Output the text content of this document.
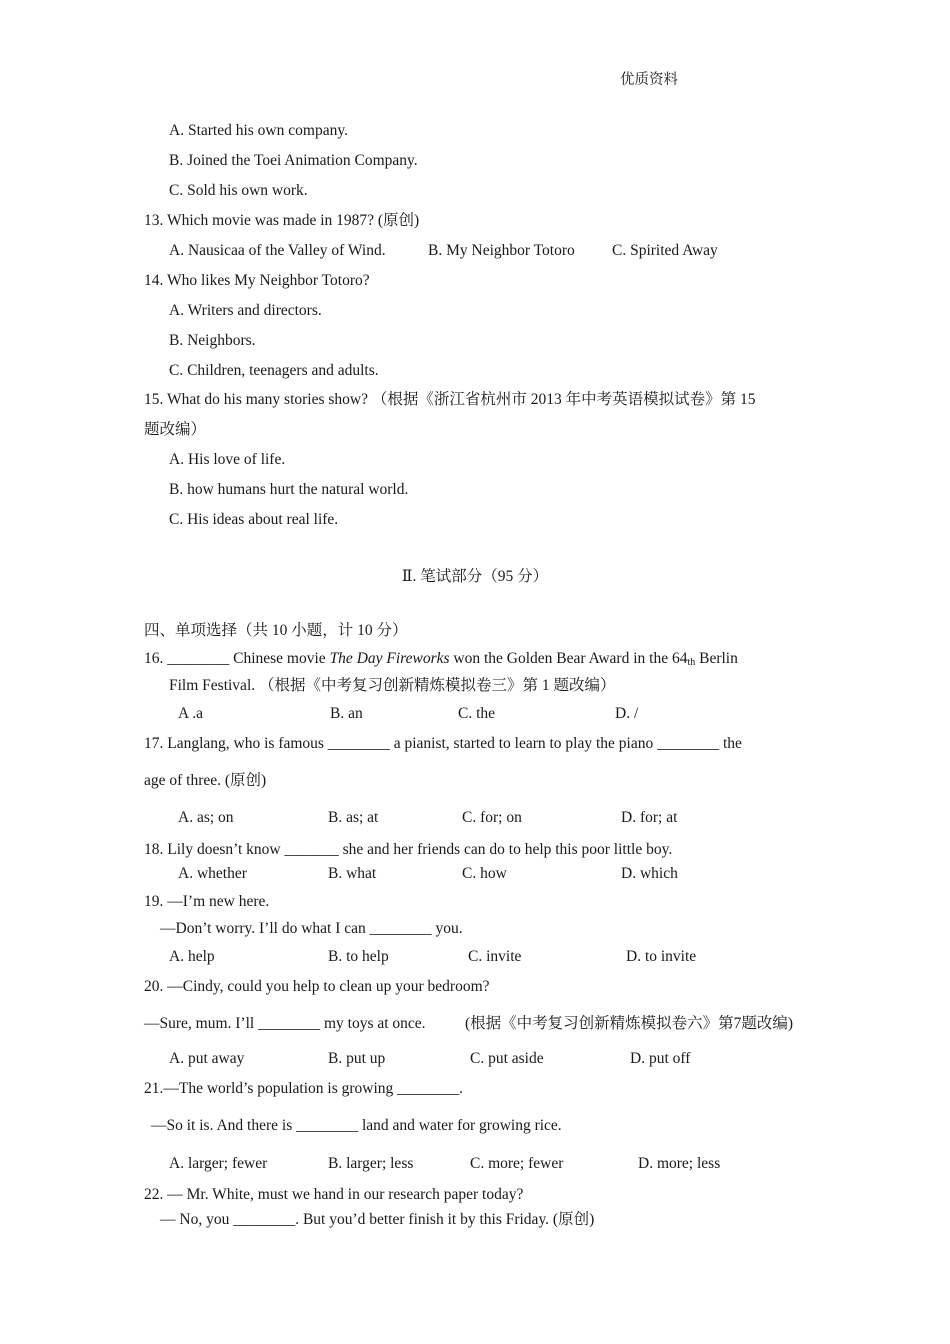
优质资料
A. Started his own company.
B. Joined the Toei Animation Company.
C. Sold his own work.
13. Which movie was made in 1987? (原创)
A. Nausicaa of the Valley of Wind.	B. My Neighbor Totoro C. Spirited Away
14. Who likes My Neighbor Totoro?
A. Writers and directors.
B. Neighbors.
C. Children, teenagers and adults.
15. What do his many stories show? （根据《浙江省杭州市 2013 年中考英语模拟试卷》第 15
题改编）
A. His love of life.
B. how humans hurt the natural world.
C. His ideas about real life.
Ⅱ. 笔试部分（95 分）
四、单项选择（共 10 小题，计 10 分）
16. ________ Chinese movie The Day Fireworks won the Golden Bear Award in the $64_{th}$ Berlin
Film Festival. （根据《中考复习创新精炼模拟卷三》第 1 题改编）
A .a	B. an	C. the	D. /
17. Langlang, who is famous ________ a pianist, started to learn to play the piano ________ the
age of three. (原创)
A. as; on	B. as; at	C. for; on	D. for; at
18. Lily doesn’t know _______ she and her friends can do to help this poor little boy.
A. whether	B. what	C. how	D. which
19. —I’m new here.
—Don’t worry. I’ll do what I can ________ you.
A. help	B. to help	C. invite	D. to invite
20. —Cindy, could you help to clean up your bedroom?
—Sure, mum. I’ll ________ my toys at once.	(根据《中考复习创新精炼模拟卷六》第7题改编)
A. put away	B. put up	C. put aside	D. put off
21.—The world’s population is growing ________.
—So it is. And there is ________ land and water for growing rice.
A. larger; fewer	B. larger; less	C. more; fewer	D. more; less
22. — Mr. White, must we hand in our research paper today?
— No, you ________. But you’d better finish it by this Friday. (原创)
